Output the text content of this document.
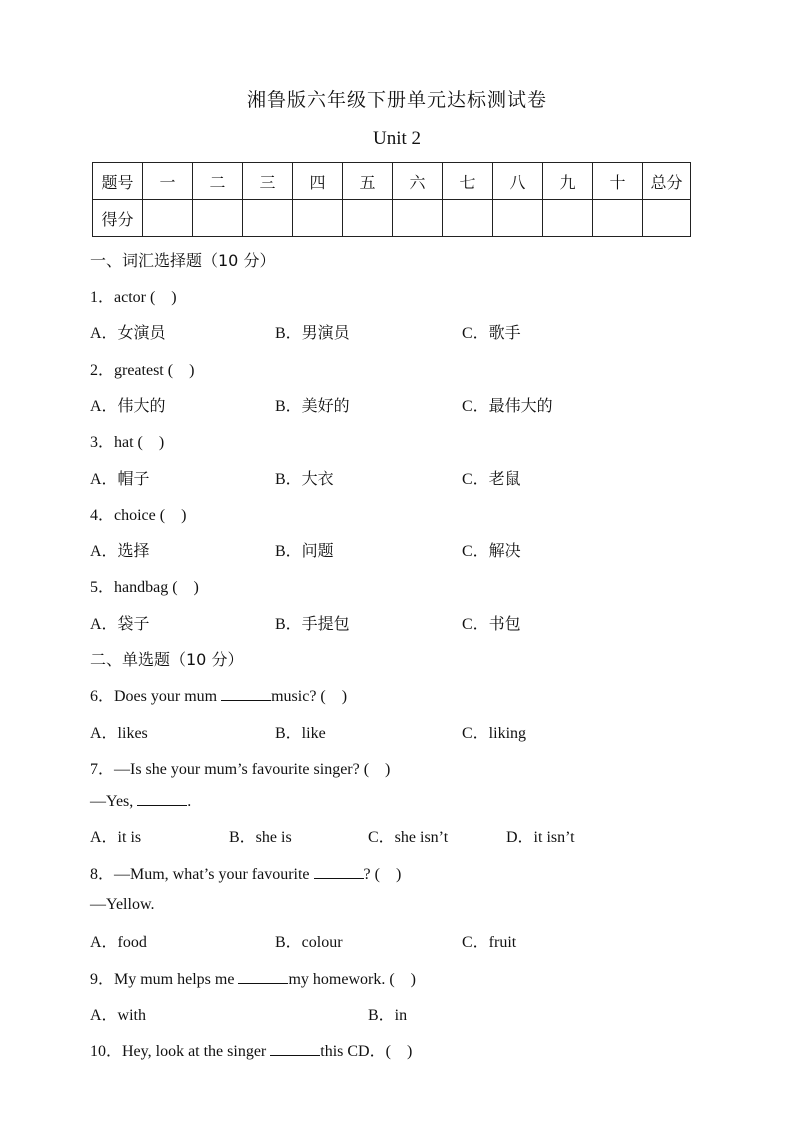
湘鲁版六年级下册单元达标测试卷
Unit 2
题号	一	二	三	四	五	六	七	八	九	十	总分
得分											
一、词汇选择题（10 分）
1．actor (　)
A．女演员	B．男演员	C．歌手
2．greatest (　)
A．伟大的	B．美好的	C．最伟大的
3．hat (　)
A．帽子	B．大衣	C．老鼠
4．choice (　)
A．选择	B．问题	C．解决
5．handbag (　)
A．袋子	B．手提包	C．书包
二、单选题（10 分）
6．Does your mum	music? (　)
A．likes	B．like	C．liking
7．—Is she your mum’s favourite singer? (　)
—Yes,	.
A．it is	B．she is	C．she isn’t	D．it isn’t
8．—Mum, what’s your favourite	? (　)
—Yellow.
A．food	B．colour	C．fruit
9．My mum helps me	my homework. (　)
A．with	B．in
10．Hey, look at the singer	this CD．(　)
